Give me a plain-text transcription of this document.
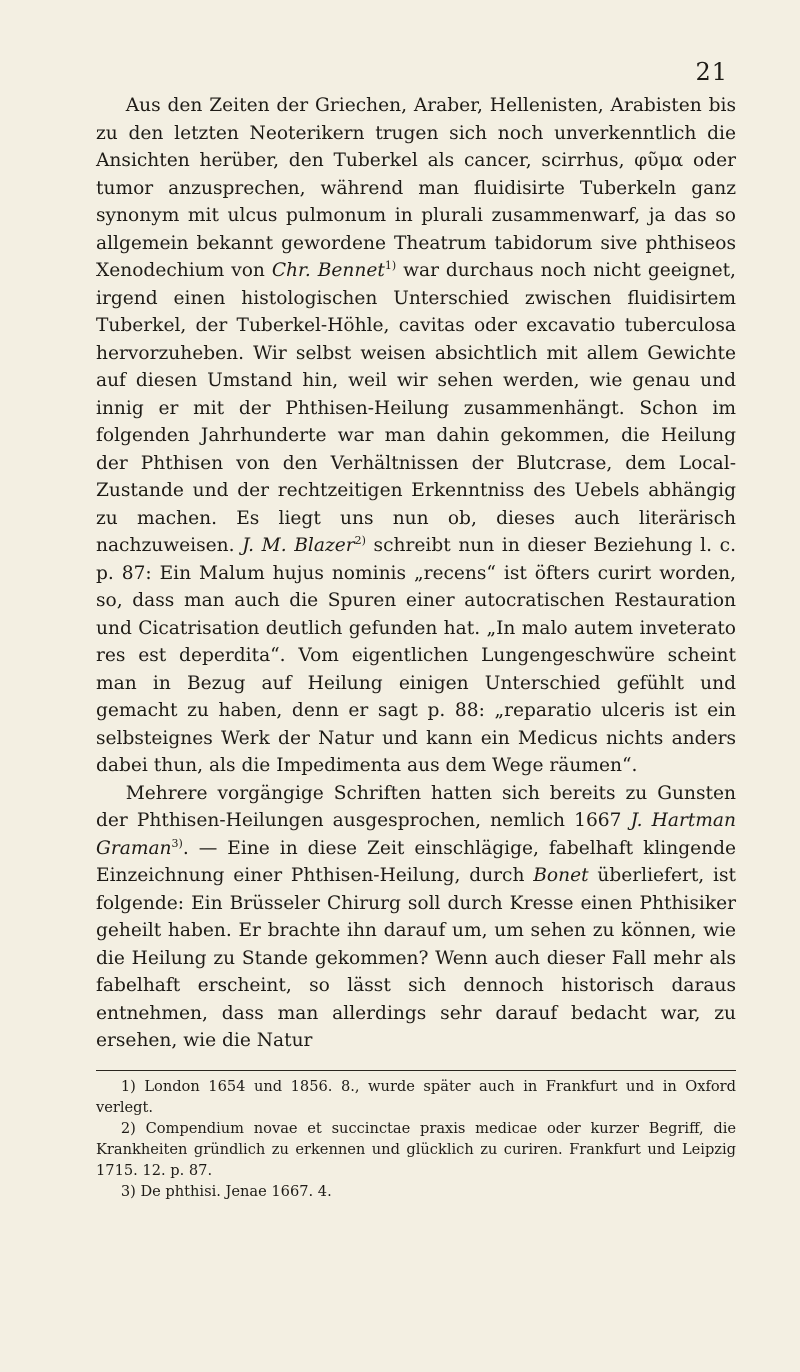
21

Aus den Zeiten der Griechen, Araber, Hellenisten, Arabisten bis zu den letzten Neoterikern trugen sich noch unverkenntlich die Ansichten herüber, den Tuberkel als cancer, scirrhus, φῦμα oder tumor anzusprechen, während man fluidisirte Tuberkeln ganz synonym mit ulcus pulmonum in plurali zusammenwarf, ja das so allgemein bekannt gewordene Theatrum tabidorum sive phthiseos Xenodechium von Chr. Bennet$^{1)}$ war durchaus noch nicht geeignet, irgend einen histologischen Unterschied zwischen fluidisirtem Tuberkel, der Tuberkel-Höhle, cavitas oder excavatio tuberculosa hervorzuheben. Wir selbst weisen absichtlich mit allem Gewichte auf diesen Umstand hin, weil wir sehen werden, wie genau und innig er mit der Phthisen-Heilung zusammenhängt. Schon im folgenden Jahrhunderte war man dahin gekommen, die Heilung der Phthisen von den Verhältnissen der Blutcrase, dem Local-Zustande und der rechtzeitigen Erkenntniss des Uebels abhängig zu machen. Es liegt uns nun ob, dieses auch literärisch nachzuweisen. J. M. Blazer$^{2)}$ schreibt nun in dieser Beziehung l. c. p. 87: Ein Malum hujus nominis „recens“ ist öfters curirt worden, so, dass man auch die Spuren einer autocratischen Restauration und Cicatrisation deutlich gefunden hat. „In malo autem inveterato res est deperdita“. Vom eigentlichen Lungengeschwüre scheint man in Bezug auf Heilung einigen Unterschied gefühlt und gemacht zu haben, denn er sagt p. 88: „reparatio ulceris ist ein selbsteignes Werk der Natur und kann ein Medicus nichts anders dabei thun, als die Impedimenta aus dem Wege räumen“.

Mehrere vorgängige Schriften hatten sich bereits zu Gunsten der Phthisen-Heilungen ausgesprochen, nemlich 1667 J. Hartman Graman$^{3)}$. — Eine in diese Zeit einschlägige, fabelhaft klingende Einzeichnung einer Phthisen-Heilung, durch Bonet überliefert, ist folgende: Ein Brüsseler Chirurg soll durch Kresse einen Phthisiker geheilt haben. Er brachte ihn darauf um, um sehen zu können, wie die Heilung zu Stande gekommen? Wenn auch dieser Fall mehr als fabelhaft erscheint, so lässt sich dennoch historisch daraus entnehmen, dass man allerdings sehr darauf bedacht war, zu ersehen, wie die Natur

1) London 1654 und 1856. 8., wurde später auch in Frankfurt und in Oxford verlegt.

2) Compendium novae et succinctae praxis medicae oder kurzer Begriff, die Krankheiten gründlich zu erkennen und glücklich zu curiren. Frankfurt und Leipzig 1715. 12. p. 87.

3) De phthisi. Jenae 1667. 4.
